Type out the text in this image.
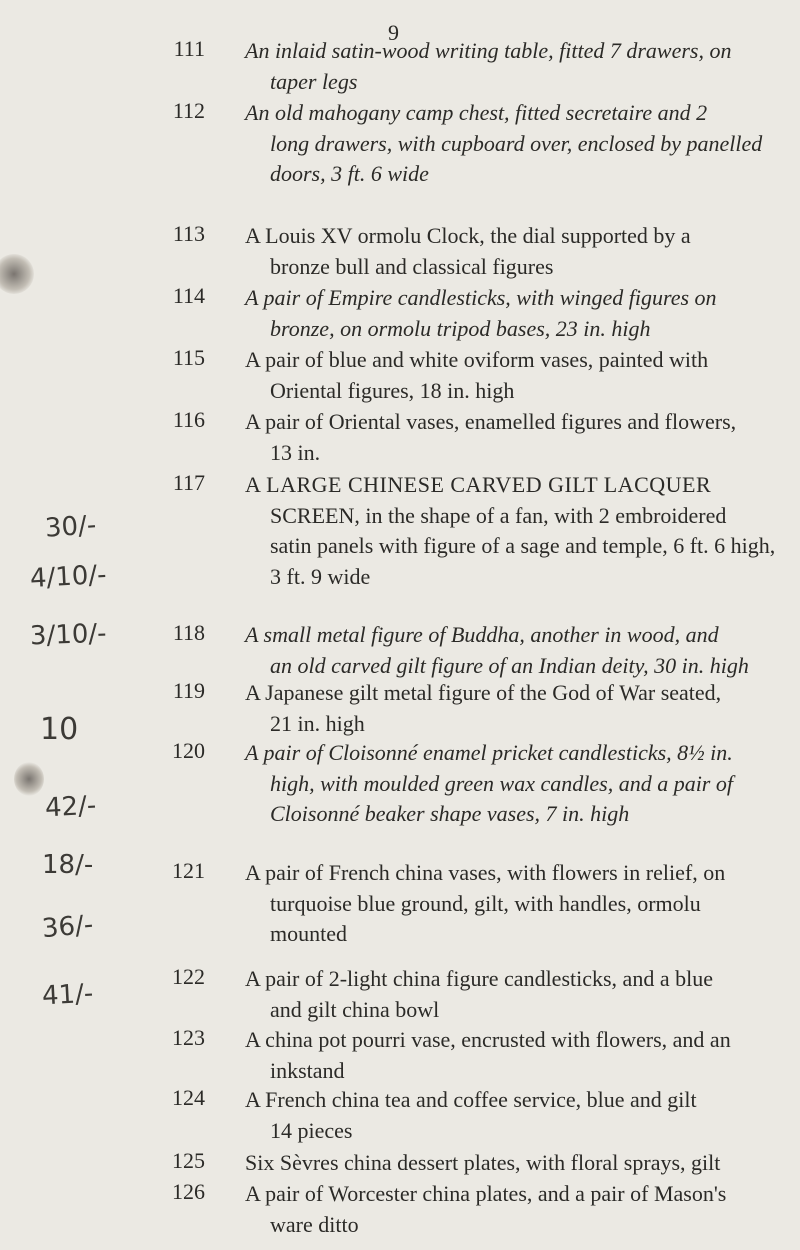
9
111 An inlaid satin-wood writing table, fitted 7 drawers, on
taper legs
112 An old mahogany camp chest, fitted secretaire and 2
long drawers, with cupboard over, enclosed by panelled
doors, 3 ft. 6 wide
113 A Louis XV ormolu Clock, the dial supported by a
bronze bull and classical figures
114 A pair of Empire candlesticks, with winged figures on
bronze, on ormolu tripod bases, 23 in. high
115 A pair of blue and white oviform vases, painted with
Oriental figures, 18 in. high
116 A pair of Oriental vases, enamelled figures and flowers,
13 in.
117 A LARGE CHINESE CARVED GILT LACQUER
SCREEN, in the shape of a fan, with 2 embroidered
satin panels with figure of a sage and temple, 6 ft. 6 high,
3 ft. 9 wide
118 A small metal figure of Buddha, another in wood, and
an old carved gilt figure of an Indian deity, 30 in. high
119 A Japanese gilt metal figure of the God of War seated,
21 in. high
120 A pair of Cloisonné enamel pricket candlesticks, 8½ in.
high, with moulded green wax candles, and a pair of
Cloisonné beaker shape vases, 7 in. high
121 A pair of French china vases, with flowers in relief, on
turquoise blue ground, gilt, with handles, ormolu
mounted
122 A pair of 2-light china figure candlesticks, and a blue
and gilt china bowl
123 A china pot pourri vase, encrusted with flowers, and an
inkstand
124 A French china tea and coffee service, blue and gilt
14 pieces
125 Six Sèvres china dessert plates, with floral sprays, gilt
126 A pair of Worcester china plates, and a pair of Mason's
ware ditto
30/-
4/10/-
3/10/-
10
42/-
18/-
36/-
41/-
